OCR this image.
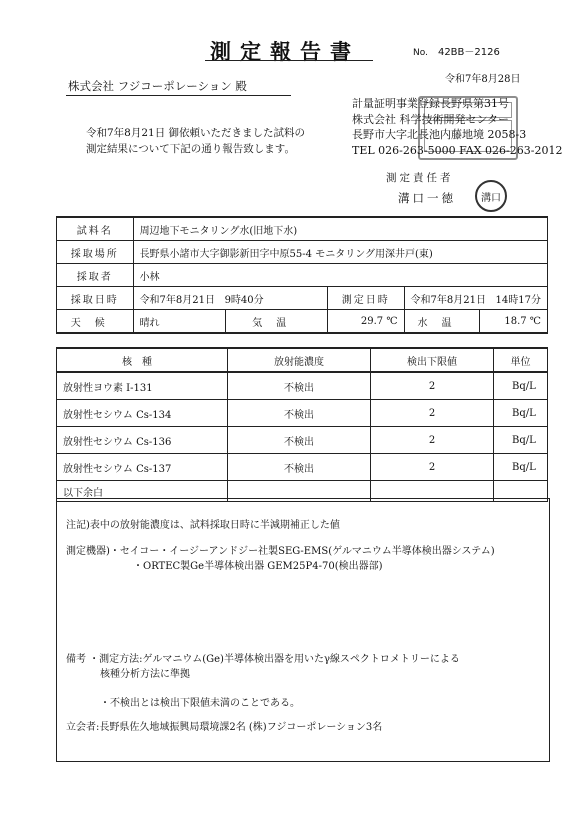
測定報告書	No. 42BB－2126
令和7年8月28日
株式会社 フジコーポレーション 殿
計量証明事業登録長野県第31号
株式会社 科学技術開発センター
長野市大字北長池内藤地境 2058-3
TEL 026-263-5000 FAX 026-263-2012
令和7年8月21日 御依頼いただきました試料の
測定結果について下記の通り報告致します。
測定責任者
溝口一徳	溝口
試料名	周辺地下モニタリング水(旧地下水)				
採取場所	長野県小諸市大字御影新田字中原55-4 モニタリング用深井戸(東)				
採取者	小林				
採取日時	令和7年8月21日 9時40分		測定日時	令和7年8月21日 14時17分	
天候	晴れ	気温	29.7 ℃	水温	18.7 ℃
核種	放射能濃度	検出下限値	単位
放射性ヨウ素 I-131	不検出	2	Bq/L
放射性セシウム Cs-134	不検出	2	Bq/L
放射性セシウム Cs-136	不検出	2	Bq/L
放射性セシウム Cs-137	不検出	2	Bq/L
以下余白			
注記)表中の放射能濃度は、試料採取日時に半減期補正した値
測定機器)・セイコー・イージーアンドジー社製SEG-EMS(ゲルマニウム半導体検出器システム)
・ORTEC製Ge半導体検出器 GEM25P4-70(検出器部)
備考 ・測定方法:ゲルマニウム(Ge)半導体検出器を用いたγ線スペクトロメトリーによる
核種分析方法に準拠
・不検出とは検出下限値未満のことである。
立会者:長野県佐久地域振興局環境課2名 (株)フジコーポレーション3名
